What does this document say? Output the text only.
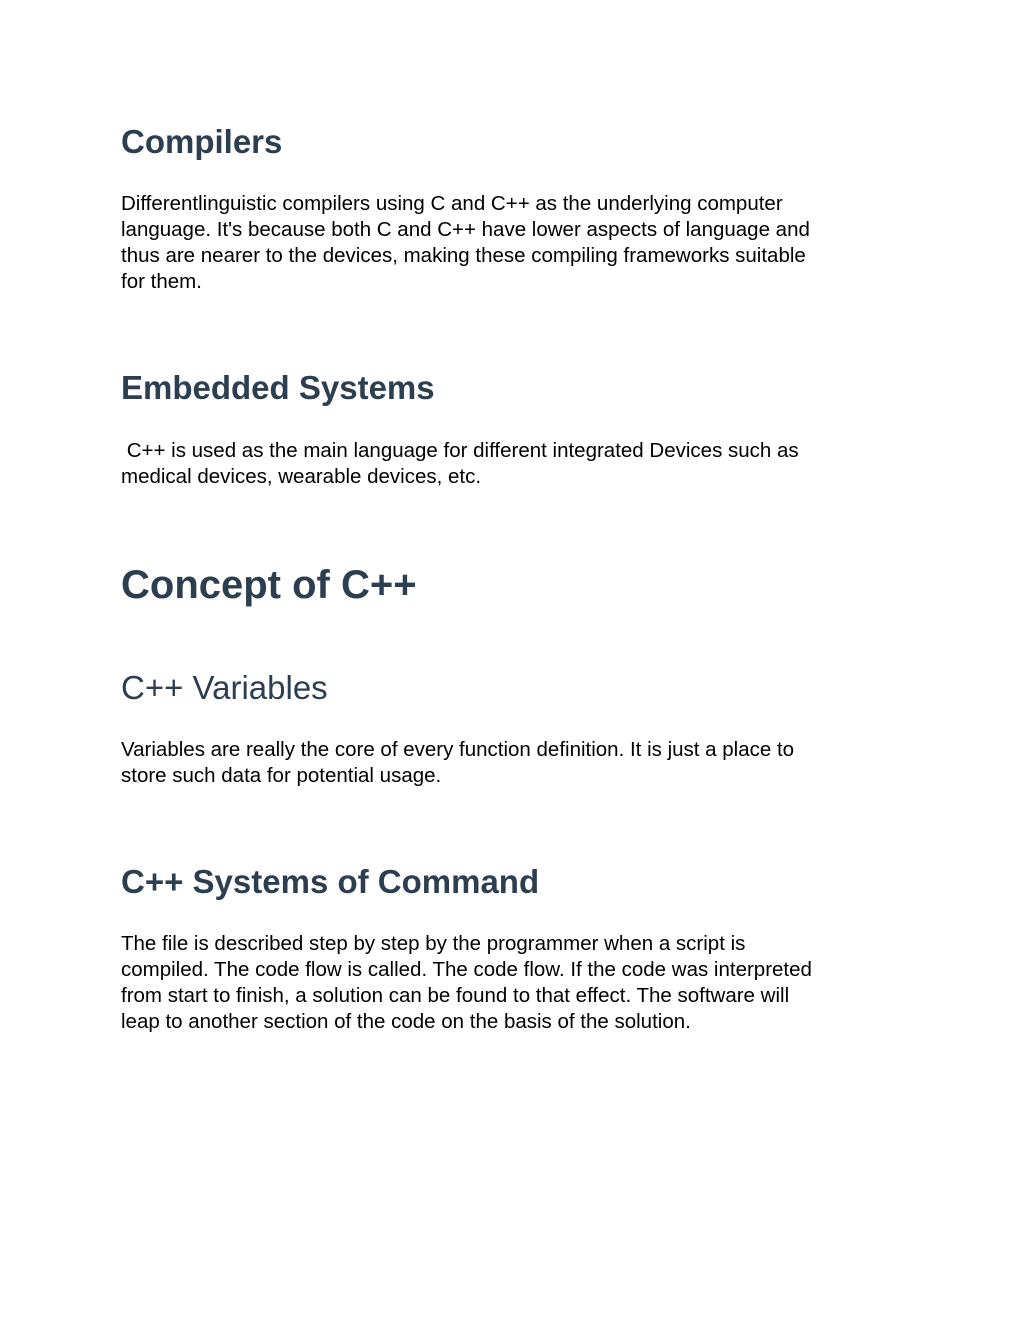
Compilers

Differentlinguistic compilers using C and C++ as the underlying computer
language. It's because both C and C++ have lower aspects of language and
thus are nearer to the devices, making these compiling frameworks suitable
for them.

Embedded Systems

C++ is used as the main language for different integrated Devices such as
medical devices, wearable devices, etc.

Concept of C++
C++ Variables

Variables are really the core of every function definition. It is just a place to
store such data for potential usage.

C++ Systems of Command

The file is described step by step by the programmer when a script is
compiled. The code flow is called. The code flow. If the code was interpreted
from start to finish, a solution can be found to that effect. The software will
leap to another section of the code on the basis of the solution.
